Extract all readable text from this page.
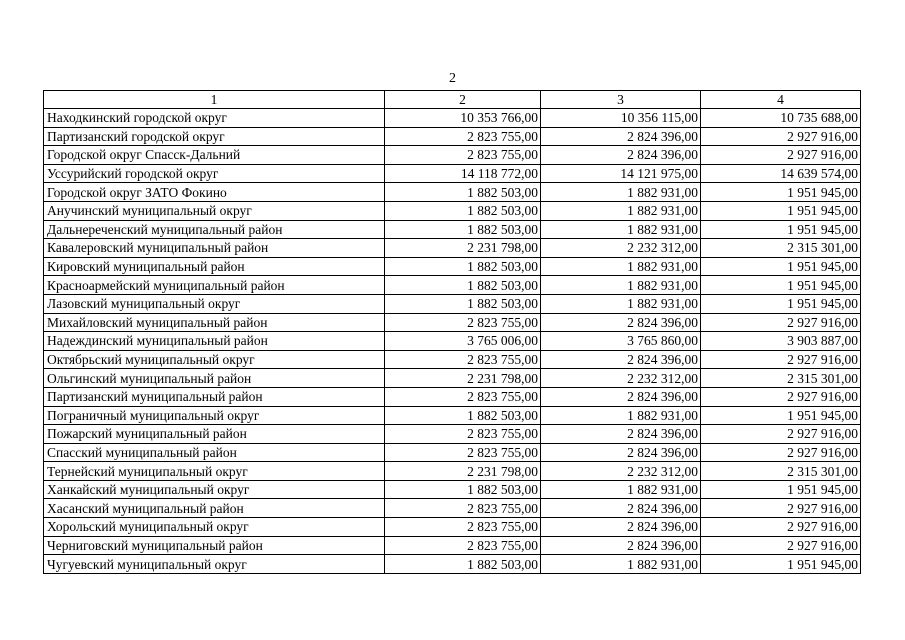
2
1	2	3	4
Находкинский городской округ	10 353 766,00	10 356 115,00	10 735 688,00
Партизанский городской округ	2 823 755,00	2 824 396,00	2 927 916,00
Городской округ Спасск-Дальний	2 823 755,00	2 824 396,00	2 927 916,00
Уссурийский городской округ	14 118 772,00	14 121 975,00	14 639 574,00
Городской округ ЗАТО Фокино	1 882 503,00	1 882 931,00	1 951 945,00
Анучинский муниципальный округ	1 882 503,00	1 882 931,00	1 951 945,00
Дальнереченский муниципальный район	1 882 503,00	1 882 931,00	1 951 945,00
Кавалеровский муниципальный район	2 231 798,00	2 232 312,00	2 315 301,00
Кировский муниципальный район	1 882 503,00	1 882 931,00	1 951 945,00
Красноармейский муниципальный район	1 882 503,00	1 882 931,00	1 951 945,00
Лазовский муниципальный округ	1 882 503,00	1 882 931,00	1 951 945,00
Михайловский муниципальный район	2 823 755,00	2 824 396,00	2 927 916,00
Надеждинский муниципальный район	3 765 006,00	3 765 860,00	3 903 887,00
Октябрьский муниципальный округ	2 823 755,00	2 824 396,00	2 927 916,00
Ольгинский муниципальный район	2 231 798,00	2 232 312,00	2 315 301,00
Партизанский муниципальный район	2 823 755,00	2 824 396,00	2 927 916,00
Пограничный муниципальный округ	1 882 503,00	1 882 931,00	1 951 945,00
Пожарский муниципальный район	2 823 755,00	2 824 396,00	2 927 916,00
Спасский муниципальный район	2 823 755,00	2 824 396,00	2 927 916,00
Тернейский муниципальный округ	2 231 798,00	2 232 312,00	2 315 301,00
Ханкайский муниципальный округ	1 882 503,00	1 882 931,00	1 951 945,00
Хасанский муниципальный район	2 823 755,00	2 824 396,00	2 927 916,00
Хорольский муниципальный округ	2 823 755,00	2 824 396,00	2 927 916,00
Черниговский муниципальный район	2 823 755,00	2 824 396,00	2 927 916,00
Чугуевский муниципальный округ	1 882 503,00	1 882 931,00	1 951 945,00
